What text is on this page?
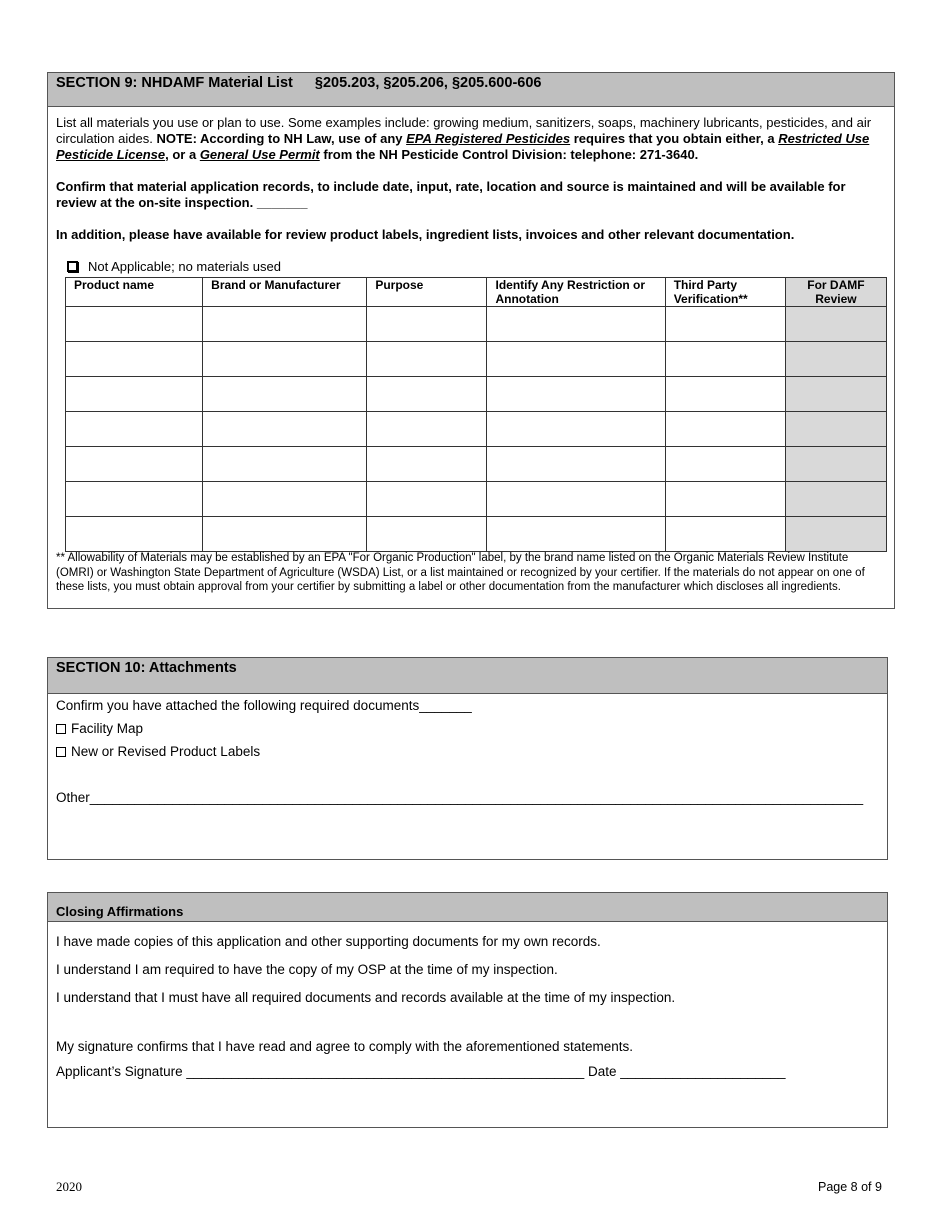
SECTION 9: NHDAMF Material List §205.203, §205.206, §205.600-606
List all materials you use or plan to use. Some examples include: growing medium, sanitizers, soaps, machinery lubricants, pesticides, and air circulation aides. NOTE: According to NH Law, use of any EPA Registered Pesticides requires that you obtain either, a Restricted Use Pesticide License, or a General Use Permit from the NH Pesticide Control Division: telephone: 271-3640.
Confirm that material application records, to include date, input, rate, location and source is maintained and will be available for review at the on-site inspection. _______
In addition, please have available for review product labels, ingredient lists, invoices and other relevant documentation.
Not Applicable; no materials used
Product name	Brand or Manufacturer	Purpose	Identify Any Restriction or Annotation	Third Party Verification**	For DAMF Review

** Allowability of Materials may be established by an EPA "For Organic Production" label, by the brand name listed on the Organic Materials Review Institute (OMRI) or Washington State Department of Agriculture (WSDA) List, or a list maintained or recognized by your certifier. If the materials do not appear on one of these lists, you must obtain approval from your certifier by submitting a label or other documentation from the manufacturer which discloses all ingredients.
SECTION 10: Attachments
Confirm you have attached the following required documents_______
Facility Map
New or Revised Product Labels
Other_______________________________________________________________________________________________________
Closing Affirmations
I have made copies of this application and other supporting documents for my own records.
I understand I am required to have the copy of my OSP at the time of my inspection.
I understand that I must have all required documents and records available at the time of my inspection.
My signature confirms that I have read and agree to comply with the aforementioned statements.
Applicant’s Signature _____________________________________________________ Date ______________________
2020	Page 8 of 9
